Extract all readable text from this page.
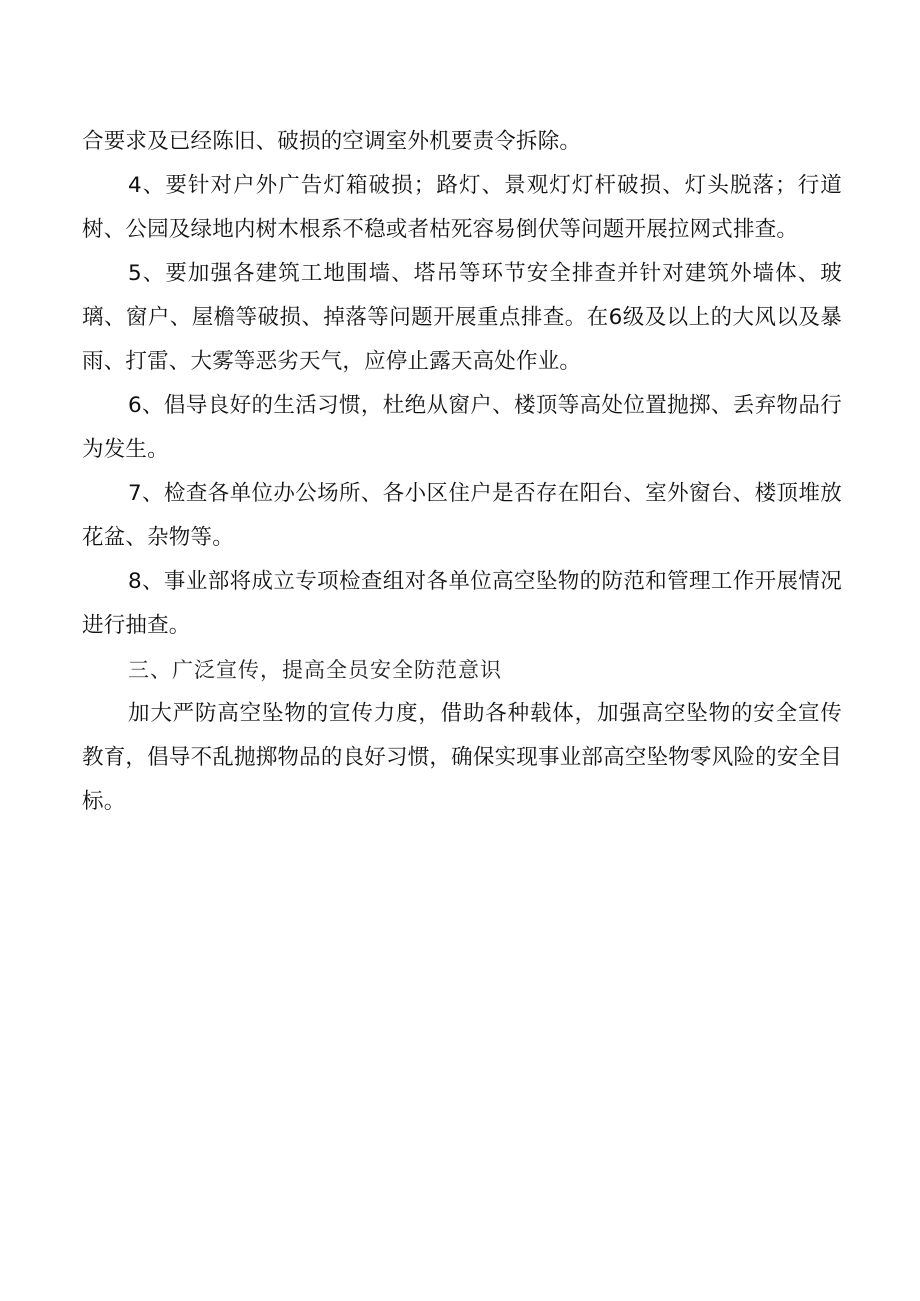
合要求及已经陈旧、破损的空调室外机要责令拆除。

4、要针对户外广告灯箱破损；路灯、景观灯灯杆破损、灯头脱落；行道树、公园及绿地内树木根系不稳或者枯死容易倒伏等问题开展拉网式排查。

5、要加强各建筑工地围墙、塔吊等环节安全排查并针对建筑外墙体、玻璃、窗户、屋檐等破损、掉落等问题开展重点排查。在6级及以上的大风以及暴雨、打雷、大雾等恶劣天气，应停止露天高处作业。

6、倡导良好的生活习惯，杜绝从窗户、楼顶等高处位置抛掷、丢弃物品行为发生。

7、检查各单位办公场所、各小区住户是否存在阳台、室外窗台、楼顶堆放花盆、杂物等。

8、事业部将成立专项检查组对各单位高空坠物的防范和管理工作开展情况进行抽查。

三、广泛宣传，提高全员安全防范意识

加大严防高空坠物的宣传力度，借助各种载体，加强高空坠物的安全宣传教育，倡导不乱抛掷物品的良好习惯，确保实现事业部高空坠物零风险的安全目标。
